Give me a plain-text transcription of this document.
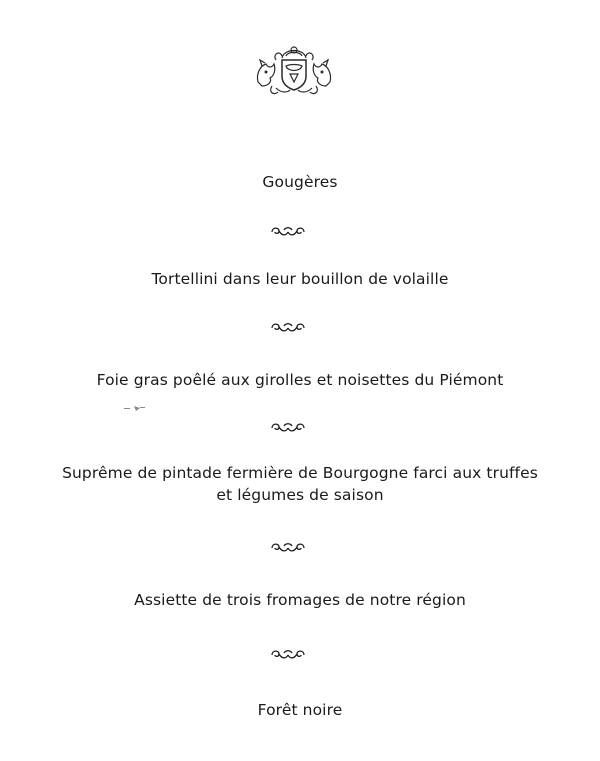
Gougères
Tortellini dans leur bouillon de volaille
Foie gras poêlé aux girolles et noisettes du Piémont
Suprême de pintade fermière de Bourgogne farci aux truffes
et légumes de saison
Assiette de trois fromages de notre région
Forêt noire
